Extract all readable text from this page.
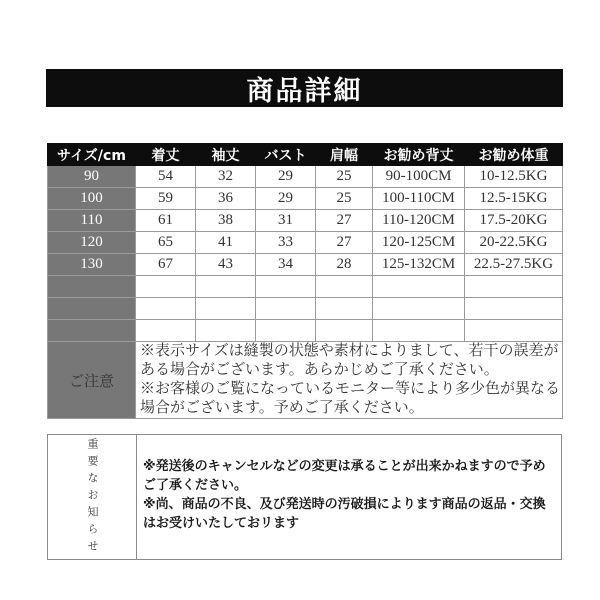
商品詳細
サイズ/cm	着丈	袖丈	バスト	肩幅	お勧め背丈	お勧め体重
90	54	32	29	25	90-100CM	10-12.5KG
100	59	36	29	25	100-110CM	12.5-15KG
110	61	38	31	27	110-120CM	17.5-20KG
120	65	41	33	27	120-125CM	20-22.5KG
130	67	43	34	28	125-132CM	22.5-27.5KG

ご注意	※表示サイズは縫製の状態や素材によりまして、若干の誤差がある場合がございます。あらかじめご了承ください。

※お客様のご覧になっているモニター等により多少色が異なる場合がございます。予めご了承ください。					

重要なお知らせ	※発送後のキャンセルなどの変更は承ることが出来かねますので予めご了承ください。

※尚、商品の不良、及び発送時の汚破損によります商品の返品・交換はお受けいたしておリます
